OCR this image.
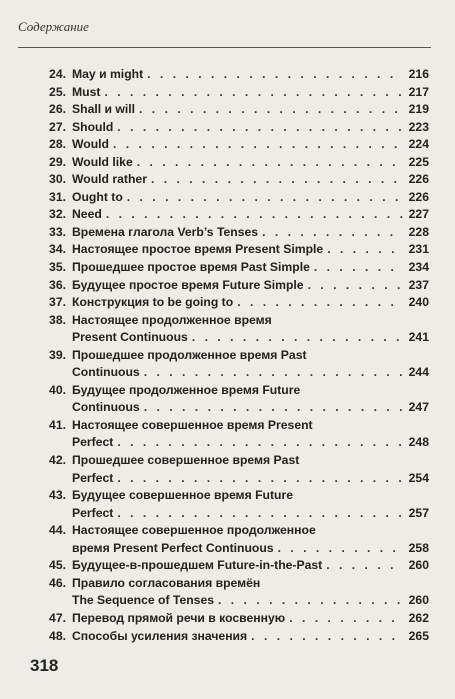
Содержание
24. May и might . . .	216
25. Must . . .	217
26. Shall и will . . .	219
27. Should . . .	223
28. Would . . .	224
29. Would like . . .	225
30. Would rather . . .	226
31. Ought to . . .	226
32. Need . . .	227
33. Времена глагола Verb’s Tenses . . .	228
34. Настоящее простое время Present Simple . . .	231
35. Прошедшее простое время Past Simple . . .	234
36. Будущее простое время Future Simple . . .	237
37. Конструкция to be going to . . .	240
38. Настоящее продолженное время
Present Continuous . . .	241
39. Прошедшее продолженное время Past
Continuous . . .	244
40. Будущее продолженное время Future
Continuous . . .	247
41. Настоящее совершенное время Present
Perfect . . .	248
42. Прошедшее совершенное время Past
Perfect . . .	254
43. Будущее совершенное время Future
Perfect . . .	257
44. Настоящее совершенное продолженное
время Present Perfect Continuous . . .	258
45. Будущее-в-прошедшем Future-in-the-Past . . .	260
46. Правило согласования времён
The Sequence of Tenses . . .	260
47. Перевод прямой речи в косвенную . . .	262
48. Способы усиления значения . . .	265
318
